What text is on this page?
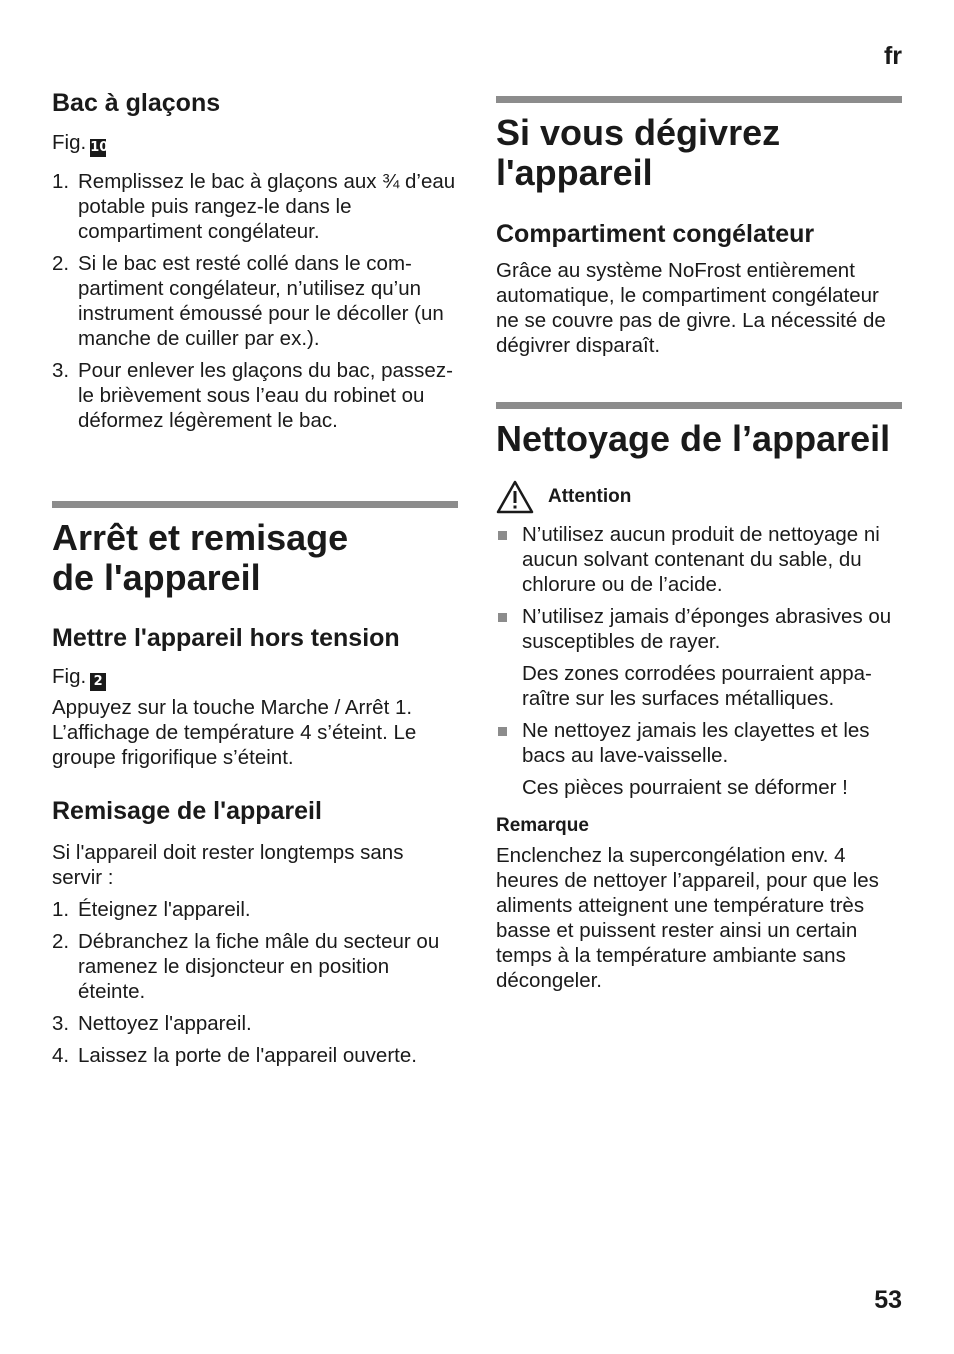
fr
Bac à glaçons
Fig. 10
1. Remplissez le bac à glaçons aux ¾ d’eau potable puis rangez-le dans le compartiment congélateur.
2. Si le bac est resté collé dans le com- partiment congélateur, n’utilisez qu’un instrument émoussé pour le décoller (un manche de cuiller par ex.).
3. Pour enlever les glaçons du bac, passez-le brièvement sous l’eau du robinet ou déformez légèrement le bac.
Arrêt et remisage
de l'appareil
Mettre l'appareil hors tension
Fig. 2

Appuyez sur la touche Marche / Arrêt 1. L’affichage de température 4 s’éteint. Le groupe frigorifique s’éteint.

Remisage de l'appareil

Si l'appareil doit rester longtemps sans servir :

1. Éteignez l'appareil.
2. Débranchez la fiche mâle du secteur ou ramenez le disjoncteur en position éteinte.
3. Nettoyez l'appareil.
4. Laissez la porte de l'appareil ouverte.
Si vous dégivrez
l'appareil
Compartiment congélateur

Grâce au système NoFrost entièrement automatique, le compartiment congélateur ne se couvre pas de givre. La nécessité de dégivrer disparaît.

Nettoyage de l’appareil
Attention
N’utilisez aucun produit de nettoyage ni aucun solvant contenant du sable, du chlorure ou de l’acide.
N’utilisez jamais d’éponges abrasives ou susceptibles de rayer.
Des zones corrodées pourraient appa- raître sur les surfaces métalliques.
Ne nettoyez jamais les clayettes et les bacs au lave-vaisselle.
Ces pièces pourraient se déformer !
Remarque

Enclenchez la supercongélation env. 4 heures de nettoyer l’appareil, pour que les aliments atteignent une température très basse et puissent rester ainsi un certain temps à la température ambiante sans décongeler.

53
